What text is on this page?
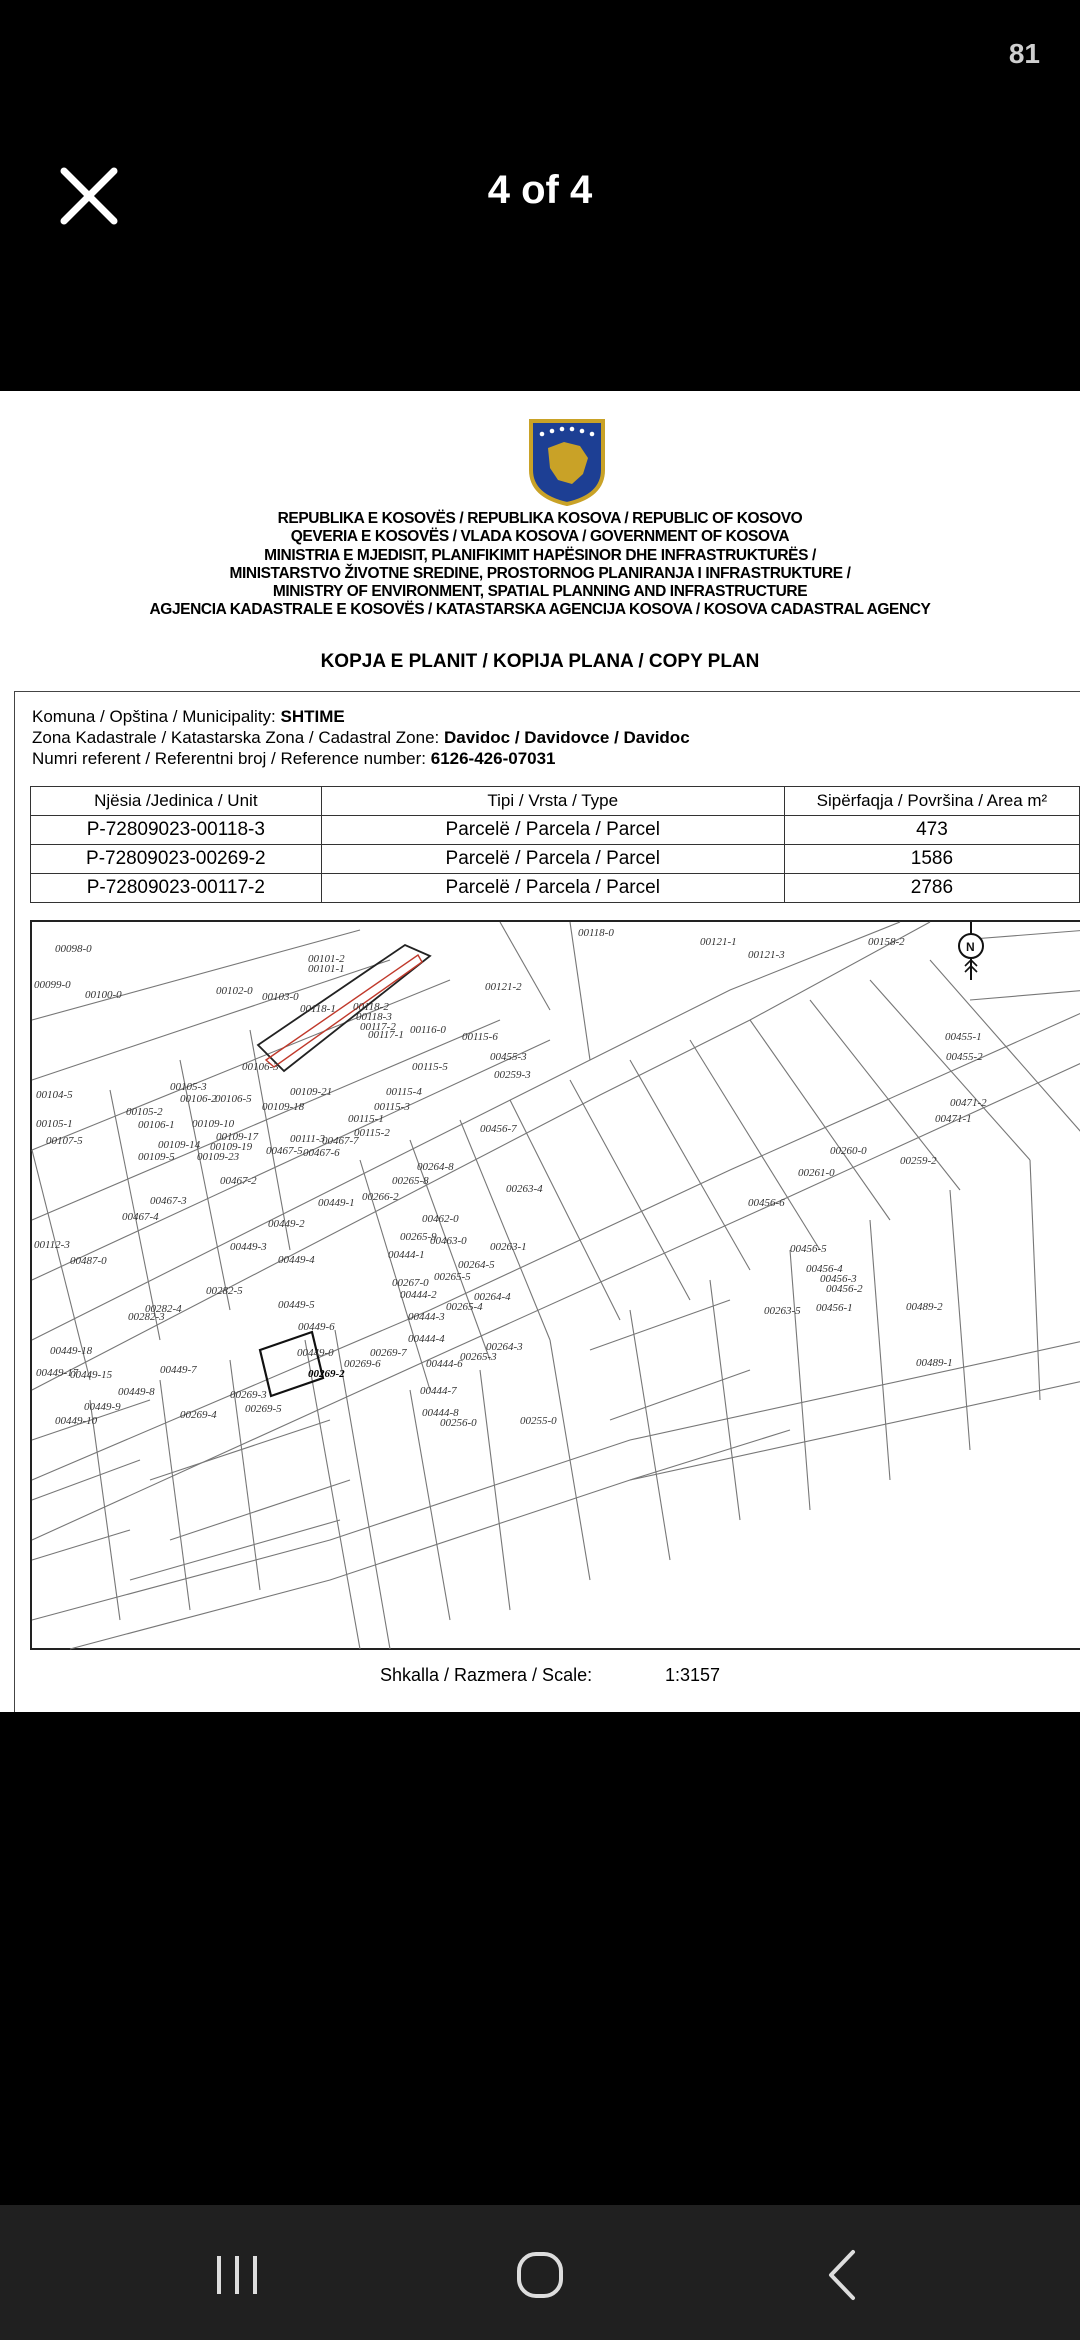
81
4 of 4
REPUBLIKA E KOSOVËS / REPUBLIKA KOSOVA / REPUBLIC OF KOSOVO
QEVERIA E KOSOVËS / VLADA KOSOVA / GOVERNMENT OF KOSOVA
MINISTRIA E MJEDISIT, PLANIFIKIMIT HAPËSINOR DHE INFRASTRUKTURËS /
MINISTARSTVO ŽIVOTNE SREDINE, PROSTORNOG PLANIRANJA I INFRASTRUKTURE /
MINISTRY OF ENVIRONMENT, SPATIAL PLANNING AND INFRASTRUCTURE
AGJENCIA KADASTRALE E KOSOVËS / KATASTARSKA AGENCIJA KOSOVA / KOSOVA CADASTRAL AGENCY
KOPJA E PLANIT / KOPIJA PLANA / COPY PLAN
Komuna / Opština / Municipality: SHTIME
Zona Kadastrale / Katastarska Zona / Cadastral Zone: Davidoc / Davidovce / Davidoc
Numri referent / Referentni broj / Reference number: 6126-426-07031
Njësia /Jedinica / Unit	Tipi / Vrsta / Type	Sipërfaqja / Površina / Area m²
P-72809023-00118-3	Parcelë / Parcela / Parcel	473
P-72809023-00269-2	Parcelë / Parcela / Parcel	1586
P-72809023-00117-2	Parcelë / Parcela / Parcel	2786
N
00098-0
00101-2
00101-1
00118-0
00121-1
00121-3
00158-2
00099-0
00100-0	00102-0 00103-0
00121-2
00118-1 00118-2
00118-3
00117-2 00116-0
00117-1	00115-6	00455-1
00455-2
00106-3
00455-3
00259-3
00115-5
00104-5
00105-3	00109-21	00115-4
00471-2
00106-2
00106-5
00109-18	00115-3
00105-2
00109-10	00115-1	00471-1
00105-1	00106-1	00456-7
00109-17	00115-2
00107-5	00109-14 00109-19
00111-3
00467-7
00467-5 00467-6	00260-0
00259-2
00109-5 00109-23
00264-8	00261-0
00265-8
00467-2
00263-4
00467-3	00449-1 00266-2	00456-6
00467-4	00462-0
00449-2
00265-9
00463-0
00112-3	00449-3	00263-1	00456-5
00487-0	00449-4	00444-1
00264-5	00456-4
00265-5	00456-3
00267-0	00456-2
00282-5	00444-2	00264-4
00449-5	00265-4	00263-5 00456-1	00489-2
00282-4
00282-3	00444-3
00449-6
00444-4
00264-3
00449-18	00449-0	00269-7	00265-3
00269-2
00269-6	00444-6	00489-1
00449-17
00449-15	00449-7
00449-8	00269-3	00444-7
00449-9	00269-5
00269-4	00444-8
00256-0	00255-0
00449-10
Shkalla / Razmera / Scale:	1:3157
